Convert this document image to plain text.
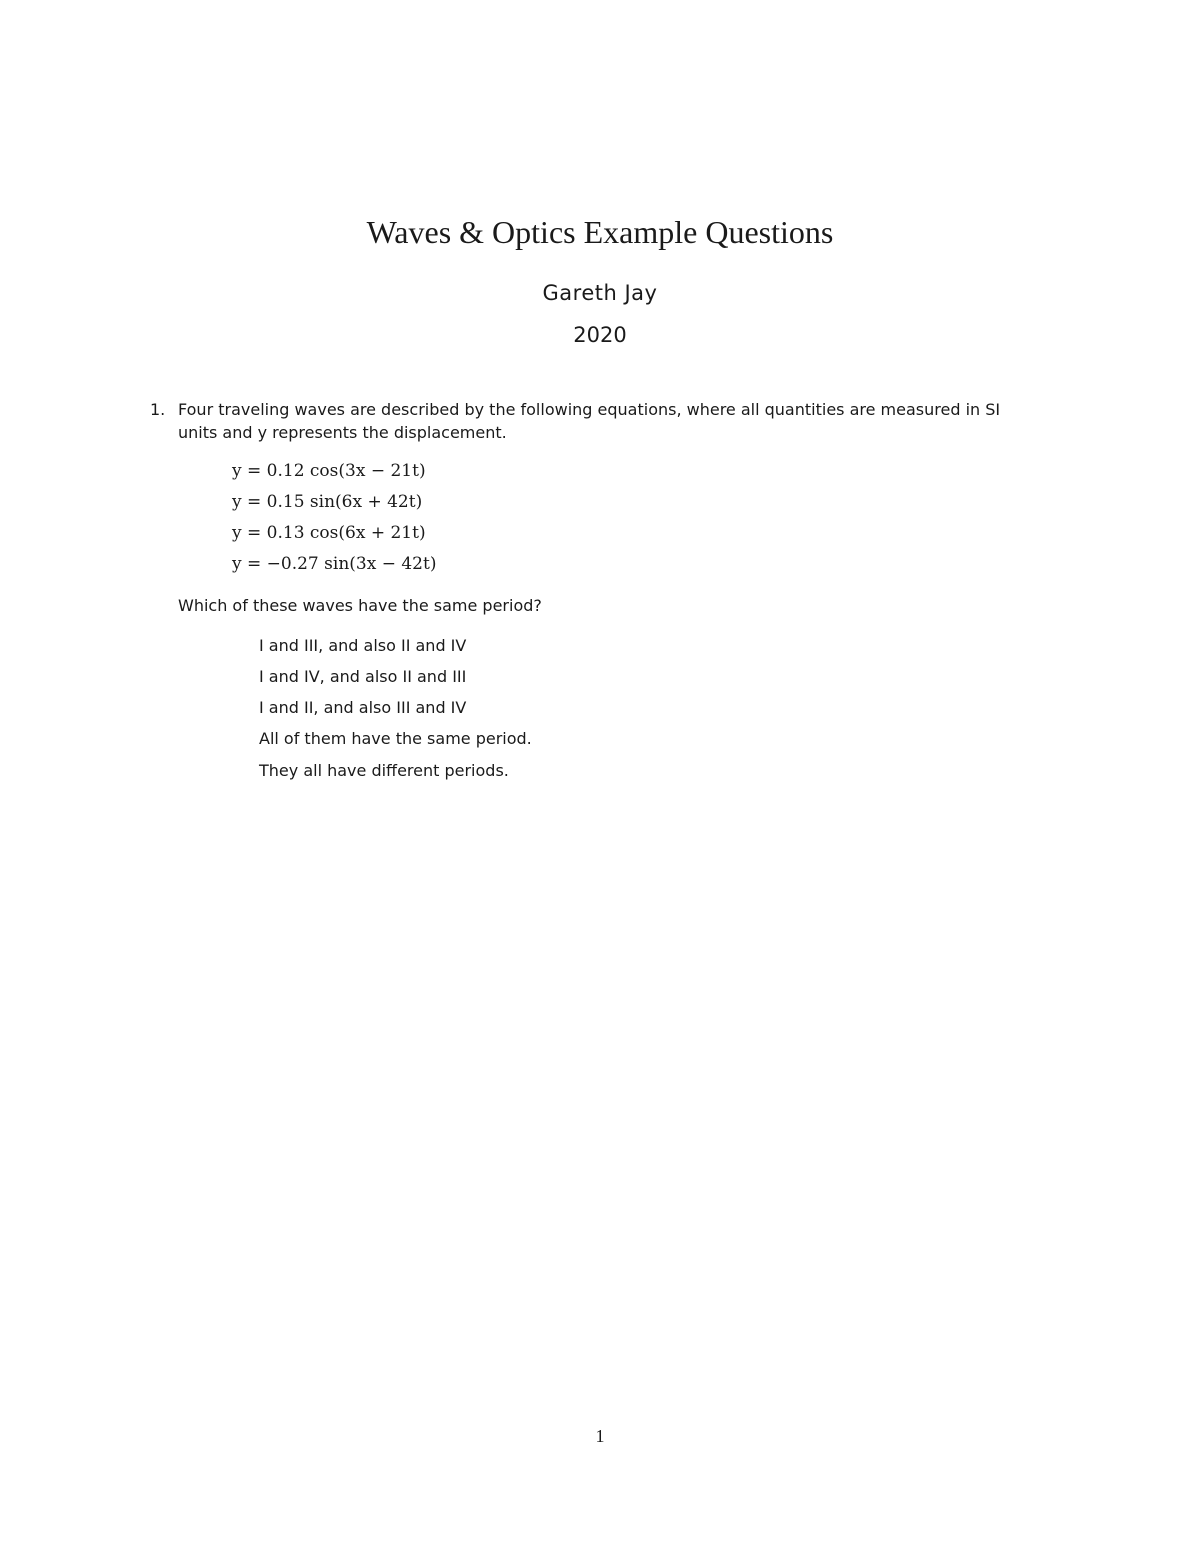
Waves & Optics Example Questions
Gareth Jay
2020
1. Four traveling waves are described by the following equations, where all quantities are measured in SI
units and y represents the displacement.
y = 0.12 cos(3x − 21t)
y = 0.15 sin(6x + 42t)
y = 0.13 cos(6x + 21t)
y = −0.27 sin(3x − 42t)
Which of these waves have the same period?
I and III, and also II and IV
I and IV, and also II and III
I and II, and also III and IV
All of them have the same period.
They all have different periods.
1
